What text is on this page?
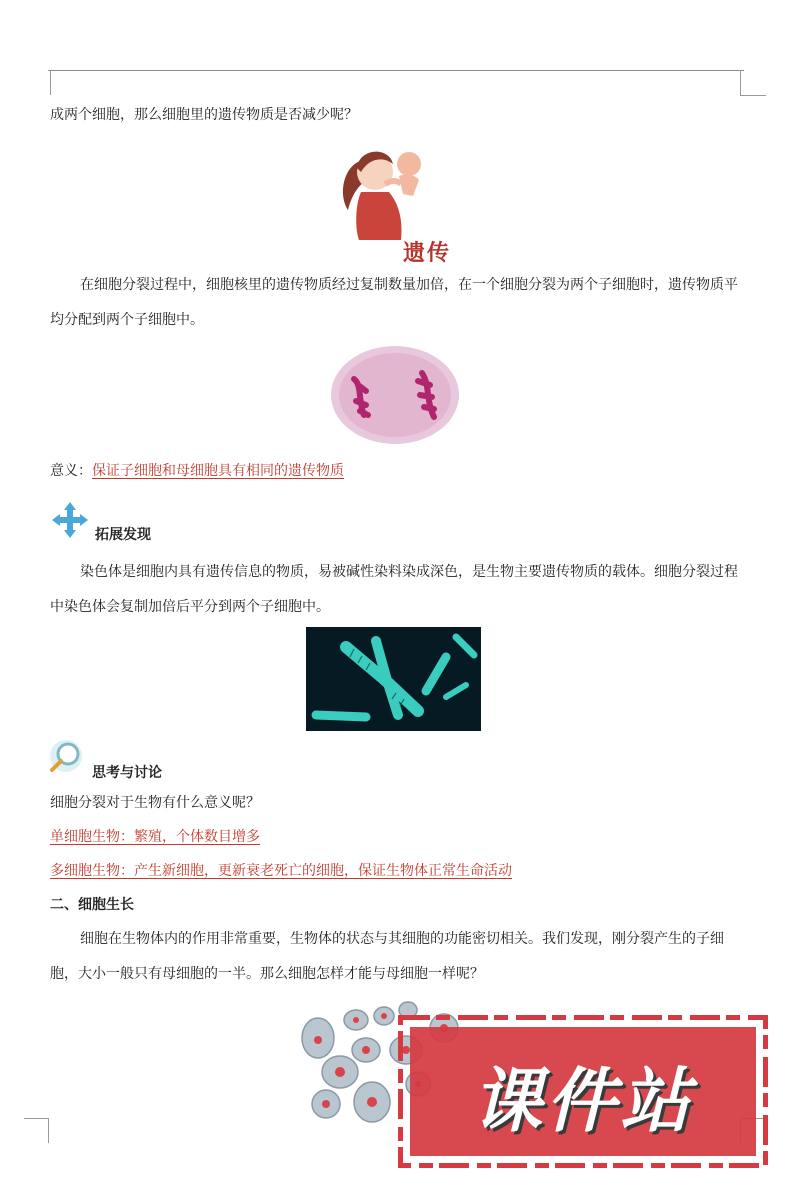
成两个细胞，那么细胞里的遗传物质是否减少呢？
遗传
在细胞分裂过程中，细胞核里的遗传物质经过复制数量加倍，在一个细胞分裂为两个子细胞时，遗传物质平均分配到两个子细胞中。
意义：保证子细胞和母细胞具有相同的遗传物质
拓展发现
染色体是细胞内具有遗传信息的物质，易被碱性染料染成深色，是生物主要遗传物质的载体。细胞分裂过程中染色体会复制加倍后平分到两个子细胞中。
思考与讨论
细胞分裂对于生物有什么意义呢？
单细胞生物：繁殖，个体数目增多
多细胞生物：产生新细胞，更新衰老死亡的细胞，保证生物体正常生命活动
二、细胞生长
细胞在生物体内的作用非常重要，生物体的状态与其细胞的功能密切相关。我们发现，刚分裂产生的子细胞，大小一般只有母细胞的一半。那么细胞怎样才能与母细胞一样呢？
课件站
